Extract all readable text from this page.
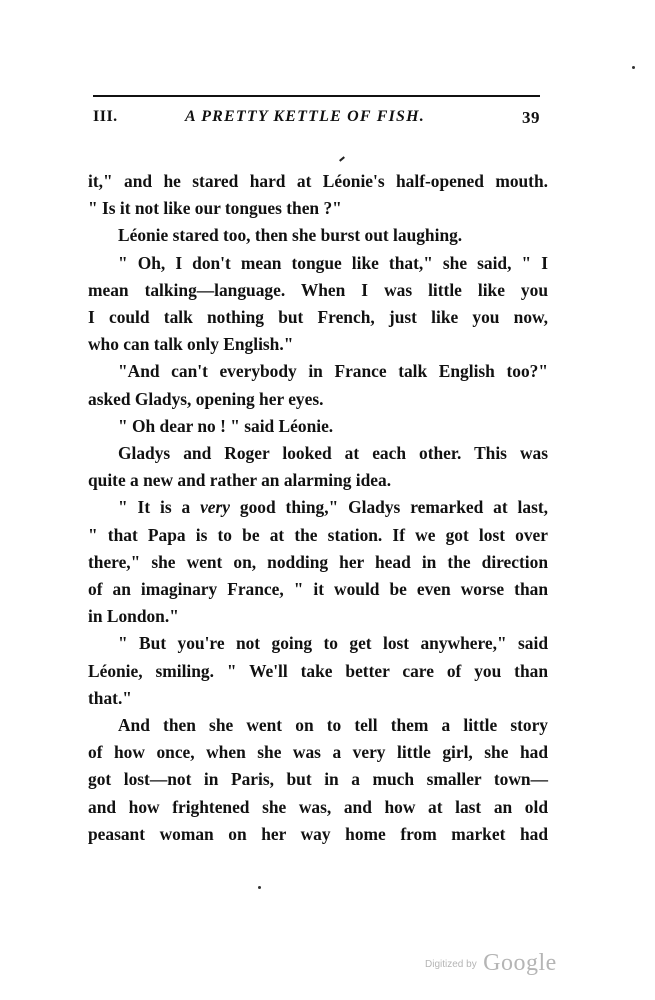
III.	A PRETTY KETTLE OF FISH.	39
it," and he stared hard at Léonie's half-opened mouth.
" Is it not like our tongues then ?"
Léonie stared too, then she burst out laughing.
" Oh, I don't mean tongue like that," she said, " I
mean talking—language. When I was little like you
I could talk nothing but French, just like you now,
who can talk only English."
"And can't everybody in France talk English too?"
asked Gladys, opening her eyes.
" Oh dear no ! " said Léonie.
Gladys and Roger looked at each other. This was
quite a new and rather an alarming idea.
" It is a very good thing," Gladys remarked at last,
" that Papa is to be at the station. If we got lost over
there," she went on, nodding her head in the direction
of an imaginary France, " it would be even worse than
in London."
" But you're not going to get lost anywhere," said
Léonie, smiling. " We'll take better care of you than
that."
And then she went on to tell them a little story
of how once, when she was a very little girl, she had
got lost—not in Paris, but in a much smaller town—
and how frightened she was, and how at last an old
peasant woman on her way home from market had
Digitized by Google
